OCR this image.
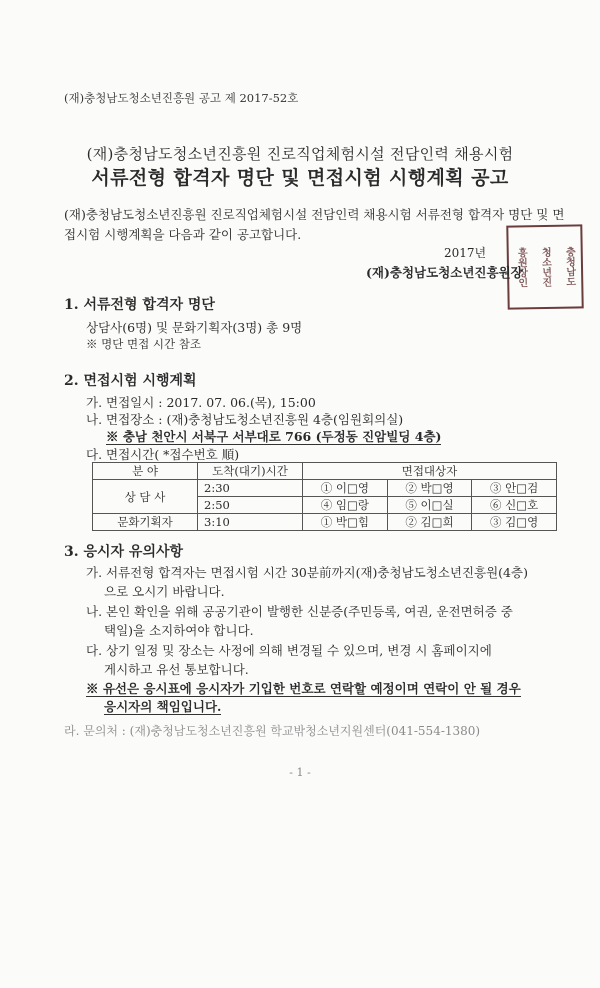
(재)충청남도청소년진흥원 공고 제 2017-52호
(재)충청남도청소년진흥원 진로직업체험시설 전담인력 채용시험
서류전형 합격자 명단 및 면접시험 시행계획 공고
(재)충청남도청소년진흥원 진로직업체험시설 전담인력 채용시험 서류전형 합격자 명단 및 면접시험 시행계획을 다음과 같이 공고합니다.
충청남도
청소년진
흥원장인
2017년
(재)충청남도청소년진흥원장
1. 서류전형 합격자 명단
상담사(6명) 및 문화기획자(3명) 총 9명
※ 명단 면접 시간 참조
2. 면접시험 시행계획
가. 면접일시 : 2017. 07. 06.(목), 15:00
나. 면접장소 : (재)충청남도청소년진흥원 4층(임원회의실)
※ 충남 천안시 서북구 서부대로 766 (두정동 진암빌딩 4층)
다. 면접시간( *접수번호 順)
분 야	도착(대기)시간	면접대상자		
상 담 사	2:30	① 이□영	② 박□영	③ 안□검
	2:50	④ 임□랑	⑤ 이□실	⑥ 신□호
문화기획자	3:10	① 박□힘	② 김□희	③ 김□영
3. 응시자 유의사항
가. 서류전형 합격자는 면접시험 시간 30분前까지(재)충청남도청소년진흥원(4층)
으로 오시기 바랍니다.
나. 본인 확인을 위해 공공기관이 발행한 신분증(주민등록, 여권, 운전면허증 중
택일)을 소지하여야 합니다.
다. 상기 일정 및 장소는 사정에 의해 변경될 수 있으며, 변경 시 홈페이지에
게시하고 유선 통보합니다.
※ 유선은 응시표에 응시자가 기입한 번호로 연락할 예정이며 연락이 안 될 경우
응시자의 책임입니다.
라. 문의처 : (재)충청남도청소년진흥원 학교밖청소년지원센터(041-554-1380)
- 1 -
